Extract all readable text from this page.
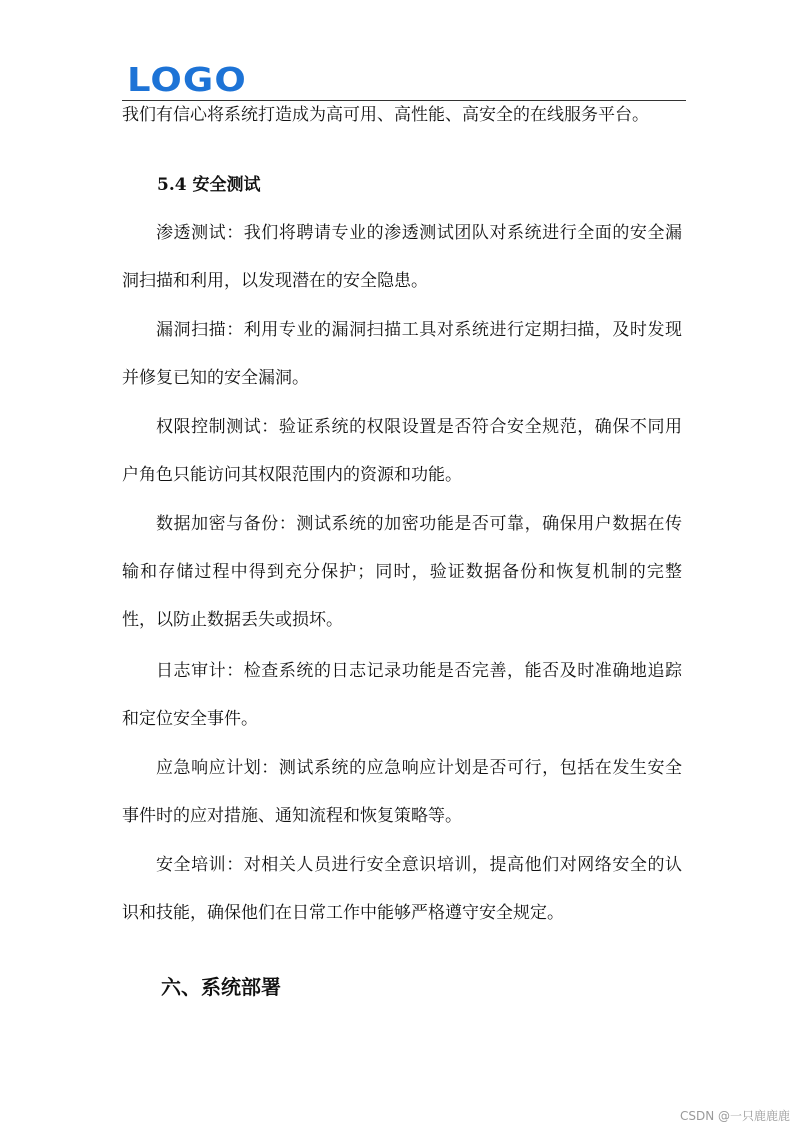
LOGO

我们有信心将系统打造成为高可用、高性能、高安全的在线服务平台。

5.4 安全测试

渗透测试：我们将聘请专业的渗透测试团队对系统进行全面的安全漏洞扫描和利用，以发现潜在的安全隐患。

漏洞扫描：利用专业的漏洞扫描工具对系统进行定期扫描，及时发现并修复已知的安全漏洞。

权限控制测试：验证系统的权限设置是否符合安全规范，确保不同用户角色只能访问其权限范围内的资源和功能。

数据加密与备份：测试系统的加密功能是否可靠，确保用户数据在传输和存储过程中得到充分保护；同时，验证数据备份和恢复机制的完整性，以防止数据丢失或损坏。

日志审计：检查系统的日志记录功能是否完善，能否及时准确地追踪和定位安全事件。

应急响应计划：测试系统的应急响应计划是否可行，包括在发生安全事件时的应对措施、通知流程和恢复策略等。

安全培训：对相关人员进行安全意识培训，提高他们对网络安全的认识和技能，确保他们在日常工作中能够严格遵守安全规定。

六、系统部署
CSDN @一只鹿鹿鹿
